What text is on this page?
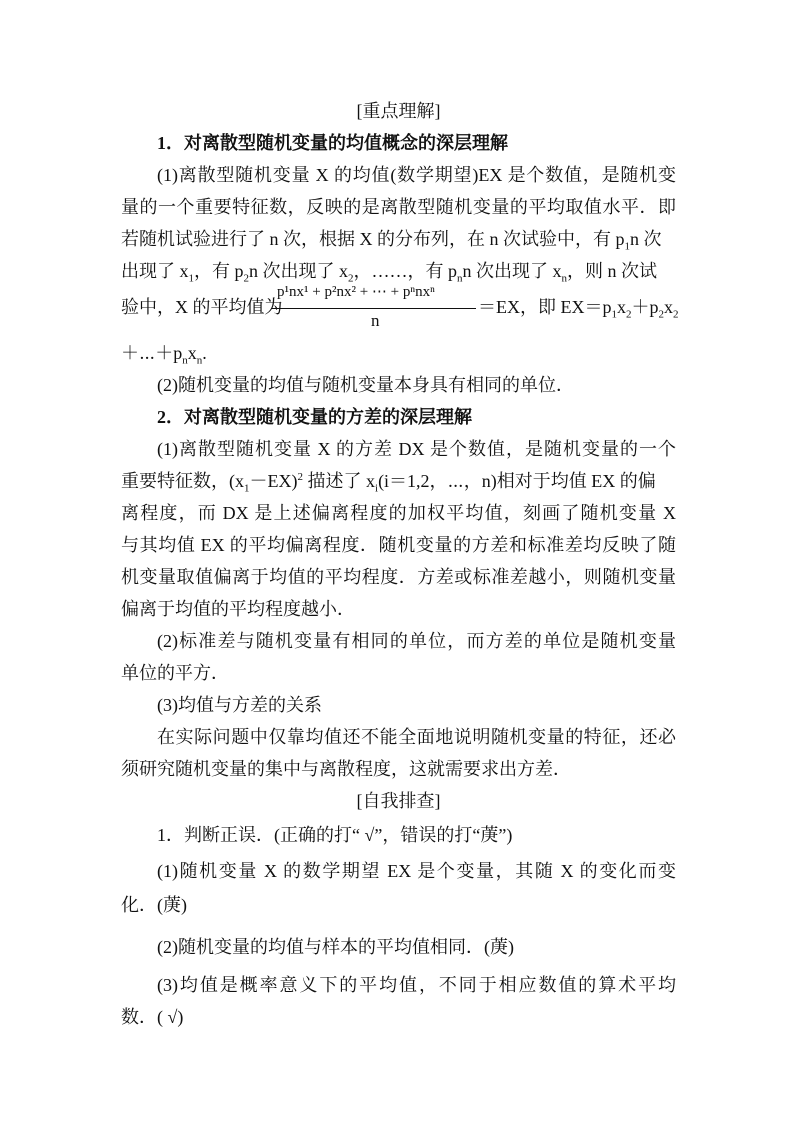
[重点理解]
1．对离散型随机变量的均值概念的深层理解
(1)离散型随机变量 X 的均值(数学期望)EX 是个数值，是随机变
量的一个重要特征数，反映的是离散型随机变量的平均取值水平．即
若随机试验进行了 n 次，根据 X 的分布列，在 n 次试验中，有 $p_1n$ 次
出现了 $x_1$，有 $p_2n$ 次出现了 $x_2$，……，有 $p_nn$ 次出现了 $x_n$，则 n 次试
验中，X 的平均值为
p¹nx¹ + p²nx² + ⋯ + pⁿnxⁿ
n
＝EX，即 $EX=p_1x_2+p_2x_2$
$+\cdots+p_nx_n$.
(2)随机变量的均值与随机变量本身具有相同的单位．
2．对离散型随机变量的方差的深层理解
(1)离散型随机变量 X 的方差 DX 是个数值，是随机变量的一个
重要特征数，$(x_1-EX)^2$ 描述了 $x_i(i=1,2$，⋯，n)相对于均值 EX 的偏
离程度，而 DX 是上述偏离程度的加权平均值，刻画了随机变量 X
与其均值 EX 的平均偏离程度．随机变量的方差和标准差均反映了随
机变量取值偏离于均值的平均程度．方差或标准差越小，则随机变量
偏离于均值的平均程度越小．
(2)标准差与随机变量有相同的单位，而方差的单位是随机变量
单位的平方．
(3)均值与方差的关系
在实际问题中仅靠均值还不能全面地说明随机变量的特征，还必
须研究随机变量的集中与离散程度，这就需要求出方差．
[自我排查]
1．判断正误．(正确的打“ √”，错误的打“菮”)
(1)随机变量 X 的数学期望 EX 是个变量，其随 X 的变化而变
化．(菮)
(2)随机变量的均值与样本的平均值相同．(菮)
(3)均值是概率意义下的平均值，不同于相应数值的算术平均
数．( √)
